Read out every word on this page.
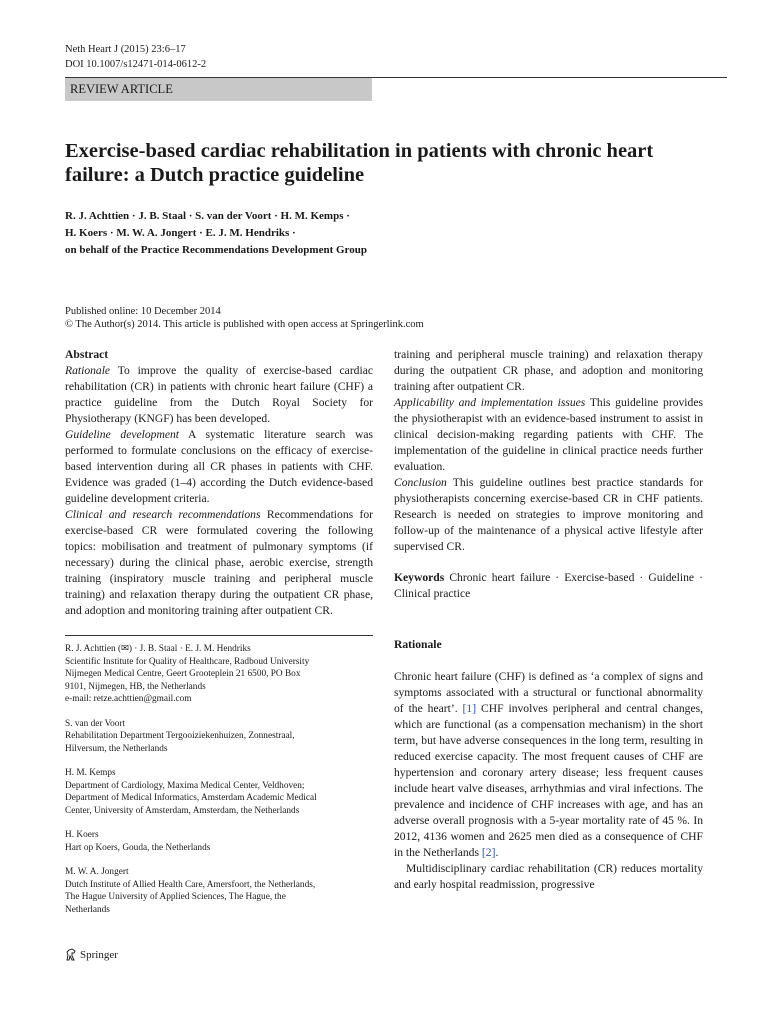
Neth Heart J (2015) 23:6–17
DOI 10.1007/s12471-014-0612-2
REVIEW ARTICLE
Exercise-based cardiac rehabilitation in patients with chronic heart failure: a Dutch practice guideline
R. J. Achttien · J. B. Staal · S. van der Voort · H. M. Kemps ·
H. Koers · M. W. A. Jongert · E. J. M. Hendriks ·
on behalf of the Practice Recommendations Development Group
Published online: 10 December 2014
© The Author(s) 2014. This article is published with open access at Springerlink.com

Abstract

Rationale To improve the quality of exercise-based cardiac rehabilitation (CR) in patients with chronic heart failure (CHF) a practice guideline from the Dutch Royal Society for Physiotherapy (KNGF) has been developed.

Guideline development A systematic literature search was performed to formulate conclusions on the efficacy of exercise-based intervention during all CR phases in patients with CHF. Evidence was graded (1–4) according the Dutch evidence-based guideline development criteria.

Clinical and research recommendations Recommendations for exercise-based CR were formulated covering the following topics: mobilisation and treatment of pulmonary symptoms (if necessary) during the clinical phase, aerobic exercise, strength training (inspiratory muscle training and peripheral muscle training) and relaxation therapy during the outpatient CR phase, and adoption and monitoring training after outpatient CR.

training and peripheral muscle training) and relaxation therapy during the outpatient CR phase, and adoption and monitoring training after outpatient CR.

Applicability and implementation issues This guideline provides the physiotherapist with an evidence-based instrument to assist in clinical decision-making regarding patients with CHF. The implementation of the guideline in clinical practice needs further evaluation.

Conclusion This guideline outlines best practice standards for physiotherapists concerning exercise-based CR in CHF patients. Research is needed on strategies to improve monitoring and follow-up of the maintenance of a physical active lifestyle after supervised CR.

Keywords Chronic heart failure · Exercise-based · Guideline · Clinical practice
R. J. Achttien (✉) · J. B. Staal · E. J. M. Hendriks
Scientific Institute for Quality of Healthcare, Radboud University
Nijmegen Medical Centre, Geert Grooteplein 21 6500, PO Box
9101, Nijmegen, HB, the Netherlands
e-mail: retze.achttien@gmail.com
S. van der Voort
Rehabilitation Department Tergooiziekenhuizen, Zonnestraal,
Hilversum, the Netherlands
H. M. Kemps
Department of Cardiology, Maxima Medical Center, Veldhoven;
Department of Medical Informatics, Amsterdam Academic Medical
Center, University of Amsterdam, Amsterdam, the Netherlands
H. Koers
Hart op Koers, Gouda, the Netherlands
M. W. A. Jongert
Dutch Institute of Allied Health Care, Amersfoort, the Netherlands,
The Hague University of Applied Sciences, The Hague, the
Netherlands
Rationale

Chronic heart failure (CHF) is defined as ‘a complex of signs and symptoms associated with a structural or functional abnormality of the heart’. [1] CHF involves peripheral and central changes, which are functional (as a compensation mechanism) in the short term, but have adverse consequences in the long term, resulting in reduced exercise capacity. The most frequent causes of CHF are hypertension and coronary artery disease; less frequent causes include heart valve diseases, arrhythmias and viral infections. The prevalence and incidence of CHF increases with age, and has an adverse overall prognosis with a 5-year mortality rate of 45 %. In 2012, 4136 women and 2625 men died as a consequence of CHF in the Netherlands [2].

Multidisciplinary cardiac rehabilitation (CR) reduces mortality and early hospital readmission, progressive

Springer
